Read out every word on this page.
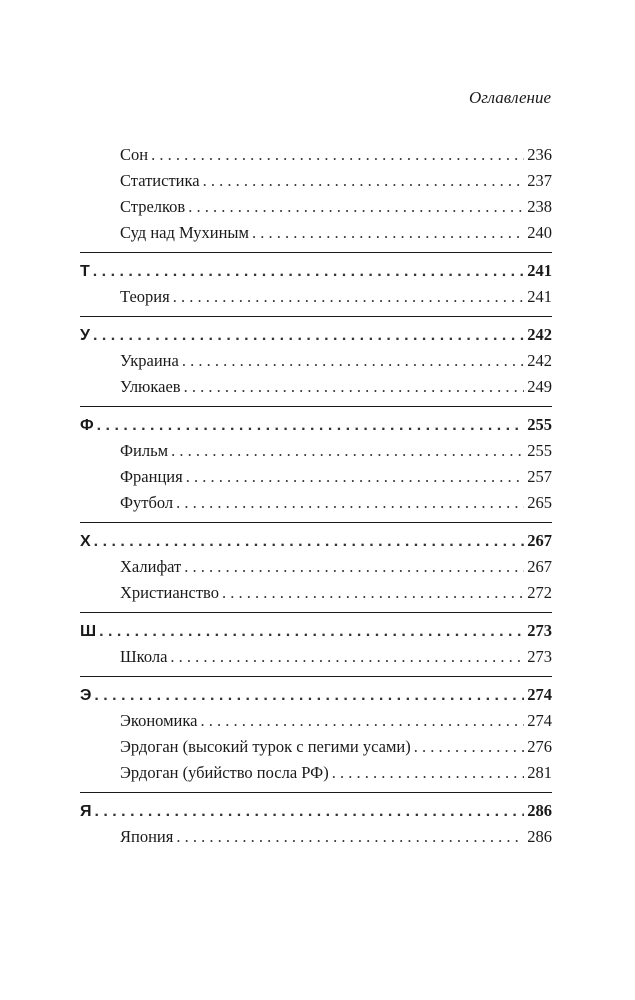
Оглавление
Сон . . .	236
Статистика . . .	237
Стрелков . . .	238
Суд над Мухиным . . .	240
Т . . .	241
Теория . . .	241
У . . .	242
Украина . . .	242
Улюкаев . . .	249
Ф . . .	255
Фильм . . .	255
Франция . . .	257
Футбол . . .	265
Х . . .	267
Халифат . . .	267
Христианство . . .	272
Ш . . .	273
Школа . . .	273
Э . . .	274
Экономика . . .	274
Эрдоган (высокий турок с пегими усами) . . .	276
Эрдоган (убийство посла РФ) . . .	281
Я . . .	286
Япония . . .	286
